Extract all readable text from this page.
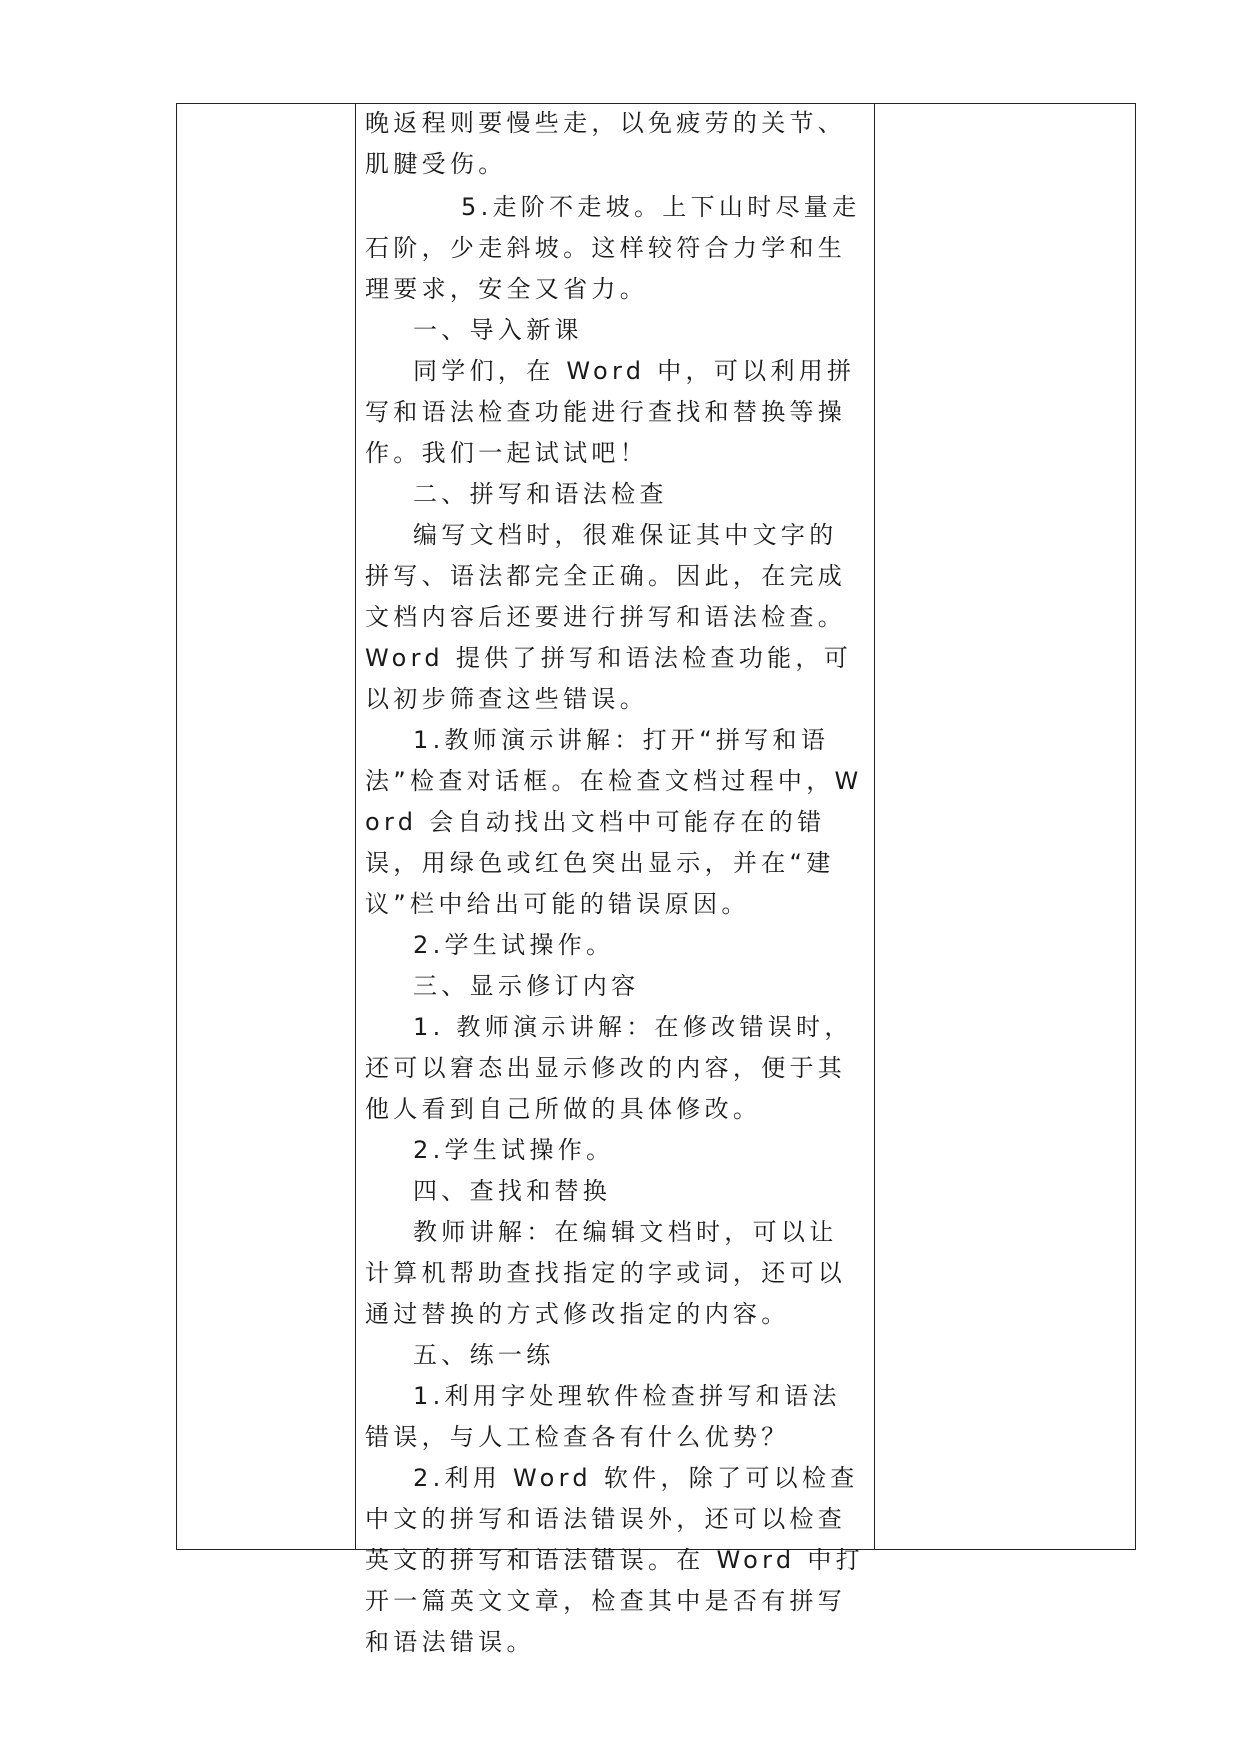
晚返程则要慢些走，以免疲劳的关节、肌腱受伤。

5.走阶不走坡。上下山时尽量走石阶，少走斜坡。这样较符合力学和生理要求，安全又省力。

一、导入新课

同学们，在 Word 中，可以利用拼写和语法检查功能进行查找和替换等操作。我们一起试试吧！

二、拼写和语法检查

编写文档时，很难保证其中文字的拼写、语法都完全正确。因此，在完成文档内容后还要进行拼写和语法检查。Word 提供了拼写和语法检查功能，可以初步筛查这些错误。

1.教师演示讲解：打开“拼写和语法”检查对话框。在检查文档过程中，Word 会自动找出文档中可能存在的错误，用绿色或红色突出显示，并在“建议”栏中给出可能的错误原因。

2.学生试操作。

三、显示修订内容

1. 教师演示讲解：在修改错误时，还可以窘态出显示修改的内容，便于其他人看到自己所做的具体修改。

2.学生试操作。

四、查找和替换

教师讲解：在编辑文档时，可以让计算机帮助查找指定的字或词，还可以通过替换的方式修改指定的内容。

五、练一练

1.利用字处理软件检查拼写和语法错误，与人工检查各有什么优势？

2.利用 Word 软件，除了可以检查中文的拼写和语法错误外，还可以检查英文的拼写和语法错误。在 Word 中打开一篇英文文章，检查其中是否有拼写和语法错误。
